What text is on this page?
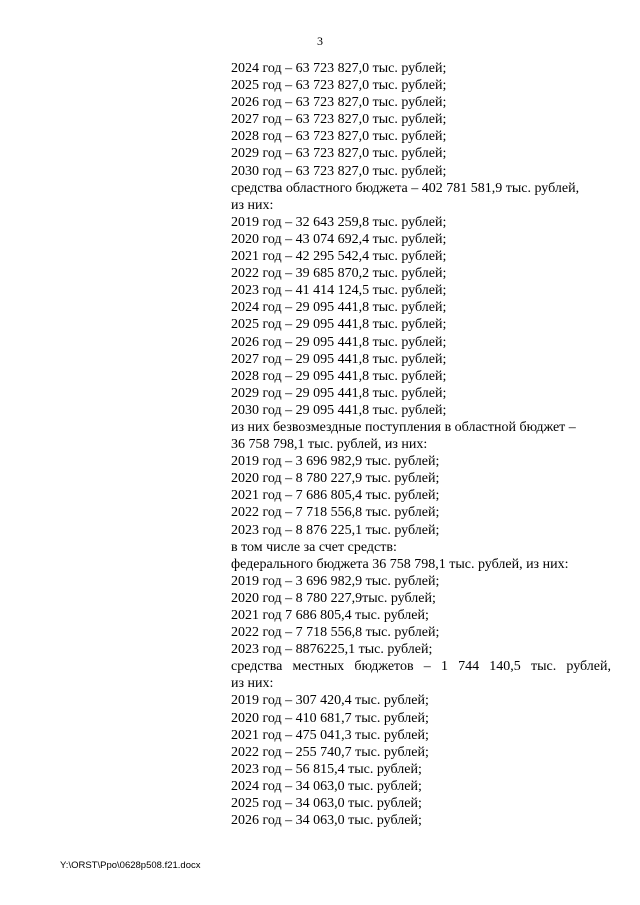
3
2024 год – 63 723 827,0 тыс. рублей;
2025 год – 63 723 827,0 тыс. рублей;
2026 год – 63 723 827,0 тыс. рублей;
2027 год – 63 723 827,0 тыс. рублей;
2028 год – 63 723 827,0 тыс. рублей;
2029 год – 63 723 827,0 тыс. рублей;
2030 год – 63 723 827,0 тыс. рублей;
средства областного бюджета – 402 781 581,9 тыс. рублей,
из них:
2019 год – 32 643 259,8 тыс. рублей;
2020 год – 43 074 692,4 тыс. рублей;
2021 год – 42 295 542,4 тыс. рублей;
2022 год – 39 685 870,2 тыс. рублей;
2023 год – 41 414 124,5 тыс. рублей;
2024 год – 29 095 441,8 тыс. рублей;
2025 год – 29 095 441,8 тыс. рублей;
2026 год – 29 095 441,8 тыс. рублей;
2027 год – 29 095 441,8 тыс. рублей;
2028 год – 29 095 441,8 тыс. рублей;
2029 год – 29 095 441,8 тыс. рублей;
2030 год – 29 095 441,8 тыс. рублей;
из них безвозмездные поступления в областной бюджет –
36 758 798,1 тыс. рублей, из них:
2019 год – 3 696 982,9 тыс. рублей;
2020 год – 8 780 227,9 тыс. рублей;
2021 год – 7 686 805,4 тыс. рублей;
2022 год – 7 718 556,8 тыс. рублей;
2023 год – 8 876 225,1 тыс. рублей;
в том числе за счет средств:
федерального бюджета 36 758 798,1 тыс. рублей, из них:
2019 год – 3 696 982,9 тыс. рублей;
2020 год – 8 780 227,9тыс. рублей;
2021 год 7 686 805,4 тыс. рублей;
2022 год – 7 718 556,8 тыс. рублей;
2023 год – 8876225,1 тыс. рублей;
средства местных бюджетов – 1 744 140,5 тыс. рублей,
из них:
2019 год – 307 420,4 тыс. рублей;
2020 год – 410 681,7 тыс. рублей;
2021 год – 475 041,3 тыс. рублей;
2022 год – 255 740,7 тыс. рублей;
2023 год – 56 815,4 тыс. рублей;
2024 год – 34 063,0 тыс. рублей;
2025 год – 34 063,0 тыс. рублей;
2026 год – 34 063,0 тыс. рублей;
Y:\ORST\Ppo\0628p508.f21.docx
